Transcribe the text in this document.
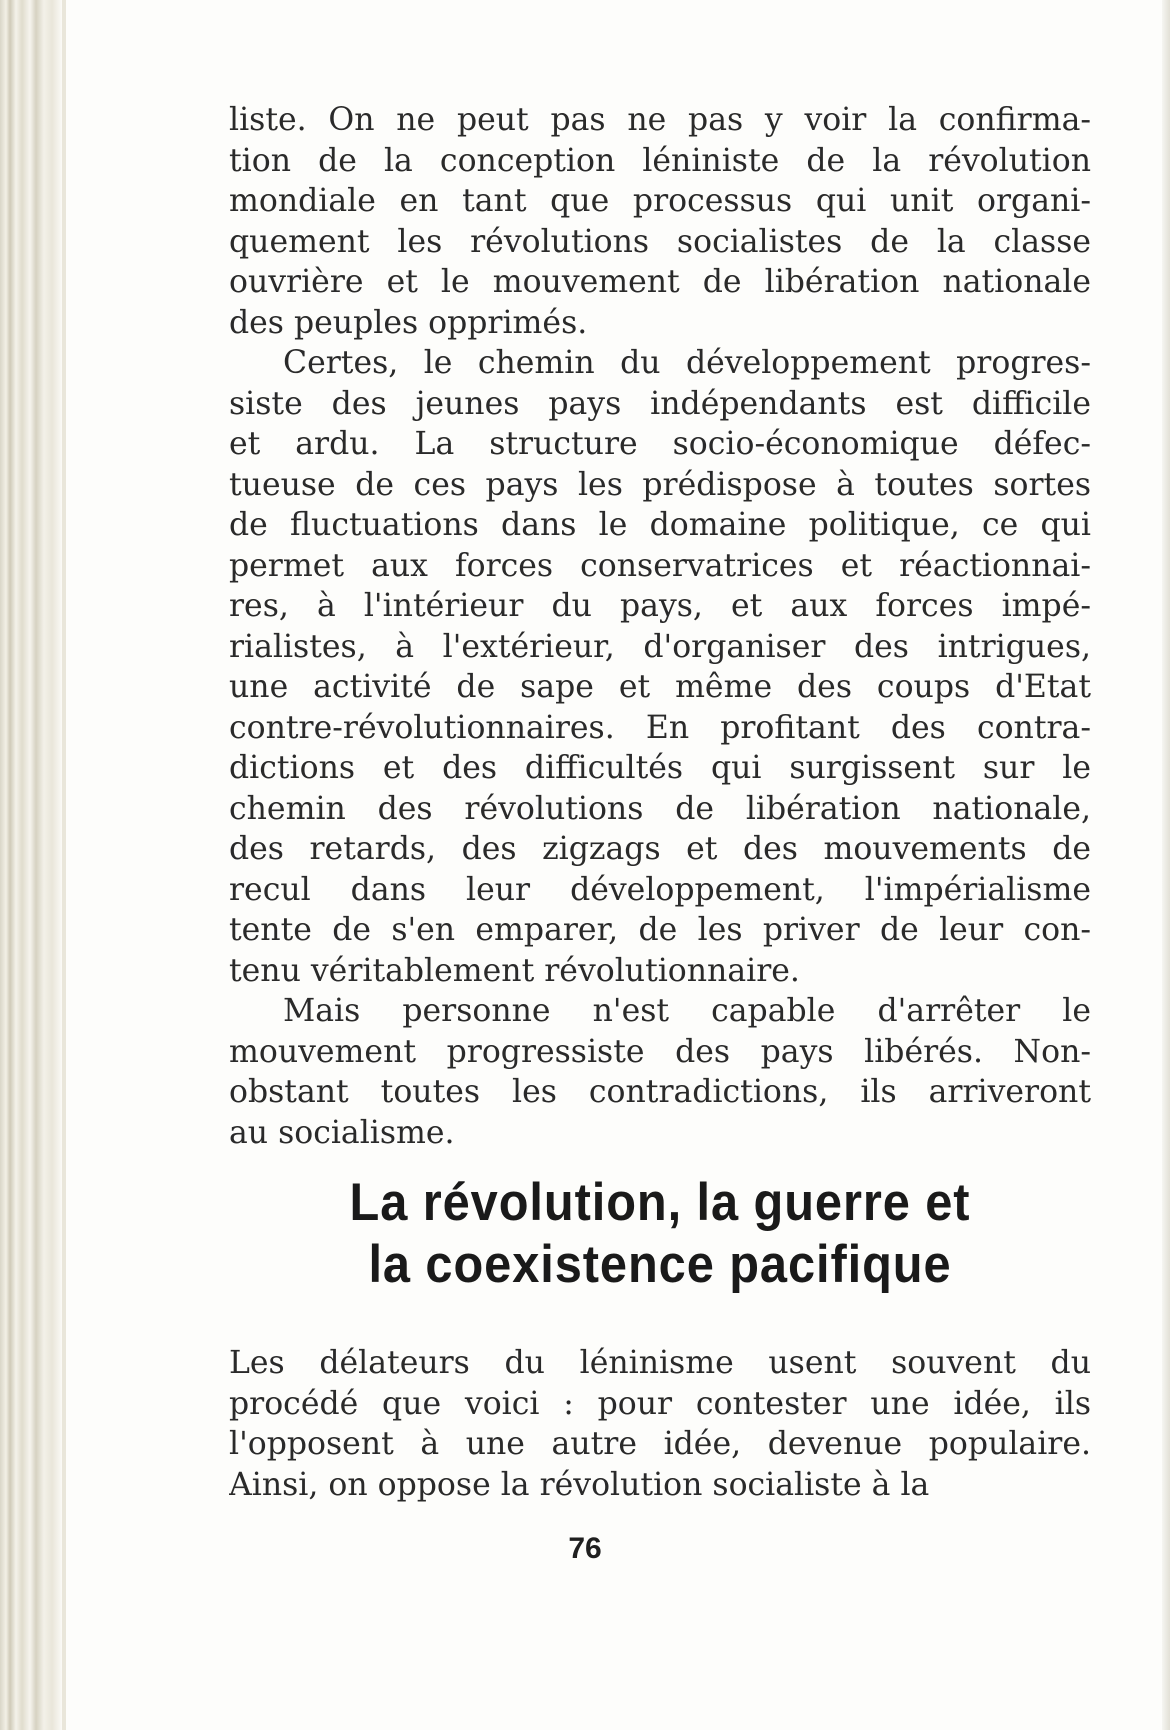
liste. On ne peut pas ne pas y voir la confirma-
tion de la conception léniniste de la révolution
mondiale en tant que processus qui unit organi-
quement les révolutions socialistes de la classe
ouvrière et le mouvement de libération nationale
des peuples opprimés.

Certes, le chemin du développement progres-
siste des jeunes pays indépendants est difficile
et ardu. La structure socio-économique défec-
tueuse de ces pays les prédispose à toutes sortes
de fluctuations dans le domaine politique, ce qui
permet aux forces conservatrices et réactionnai-
res, à l'intérieur du pays, et aux forces impé-
rialistes, à l'extérieur, d'organiser des intrigues,
une activité de sape et même des coups d'Etat
contre-révolutionnaires. En profitant des contra-
dictions et des difficultés qui surgissent sur le
chemin des révolutions de libération nationale,
des retards, des zigzags et des mouvements de
recul dans leur développement, l'impérialisme
tente de s'en emparer, de les priver de leur con-
tenu véritablement révolutionnaire.

Mais personne n'est capable d'arrêter le
mouvement progressiste des pays libérés. Non-
obstant toutes les contradictions, ils arriveront
au socialisme.

La révolution, la guerre et
la coexistence pacifique

Les délateurs du léninisme usent souvent du
procédé que voici : pour contester une idée, ils
l'opposent à une autre idée, devenue populaire.
Ainsi, on oppose la révolution socialiste à la

76
